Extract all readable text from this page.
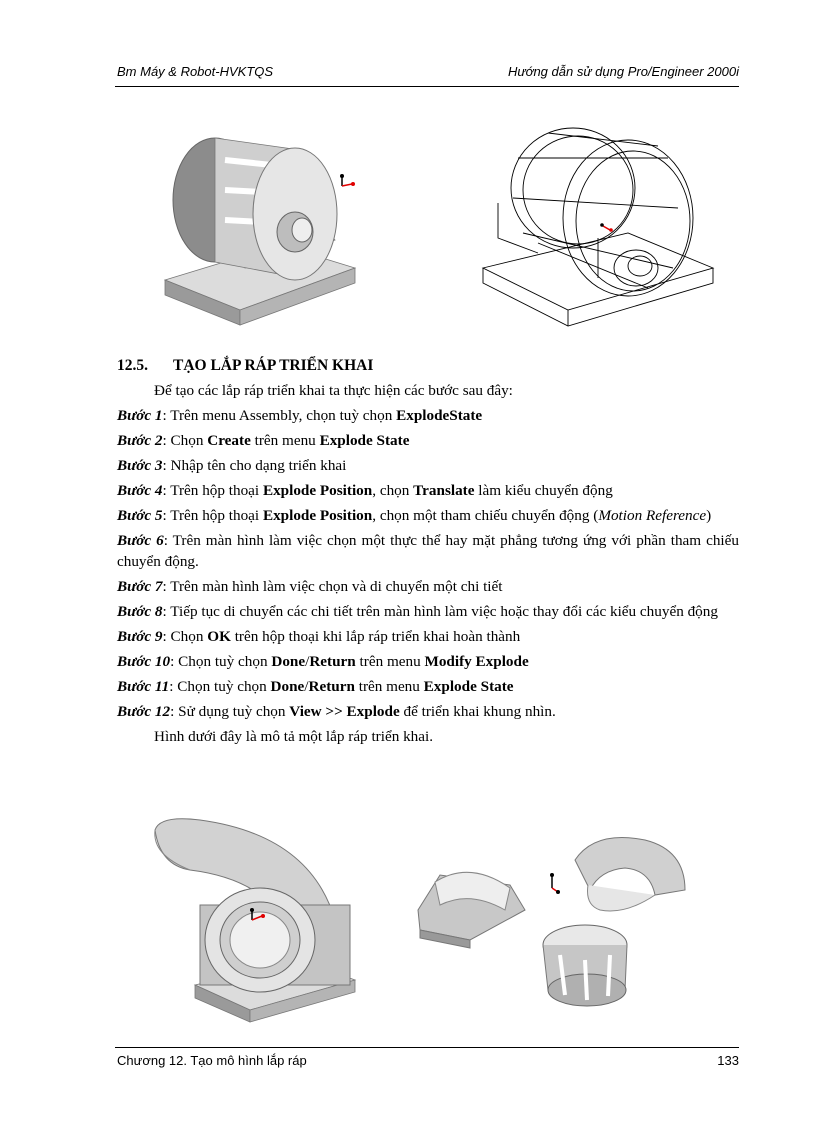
Bm Máy & Robot-HVKTQS	Hướng dẫn sử dụng Pro/Engineer 2000i

12.5. TẠO LẮP RÁP TRIỂN KHAI

Để tạo các lắp ráp triển khai ta thực hiện các bước sau đây:

Bước 1: Trên menu Assembly, chọn tuỳ chọn ExplodeState

Bước 2: Chọn Create trên menu Explode State

Bước 3: Nhập tên cho dạng triển khai

Bước 4: Trên hộp thoại Explode Position, chọn Translate làm kiểu chuyển động

Bước 5: Trên hộp thoại Explode Position, chọn một tham chiếu chuyển động (Motion Reference)

Bước 6: Trên màn hình làm việc chọn một thực thể hay mặt phẳng tương ứng với phần tham chiếu chuyển động.

Bước 7: Trên màn hình làm việc chọn và di chuyển một chi tiết

Bước 8: Tiếp tục di chuyển các chi tiết trên màn hình làm việc hoặc thay đổi các kiểu chuyển động

Bước 9: Chọn OK trên hộp thoại khi lắp ráp triển khai hoàn thành

Bước 10: Chọn tuỳ chọn Done/Return trên menu Modify Explode

Bước 11: Chọn tuỳ chọn Done/Return trên menu Explode State

Bước 12: Sử dụng tuỳ chọn View >> Explode để triển khai khung nhìn.

Hình dưới đây là mô tả một lắp ráp triển khai.

Chương 12. Tạo mô hình lắp ráp	133
